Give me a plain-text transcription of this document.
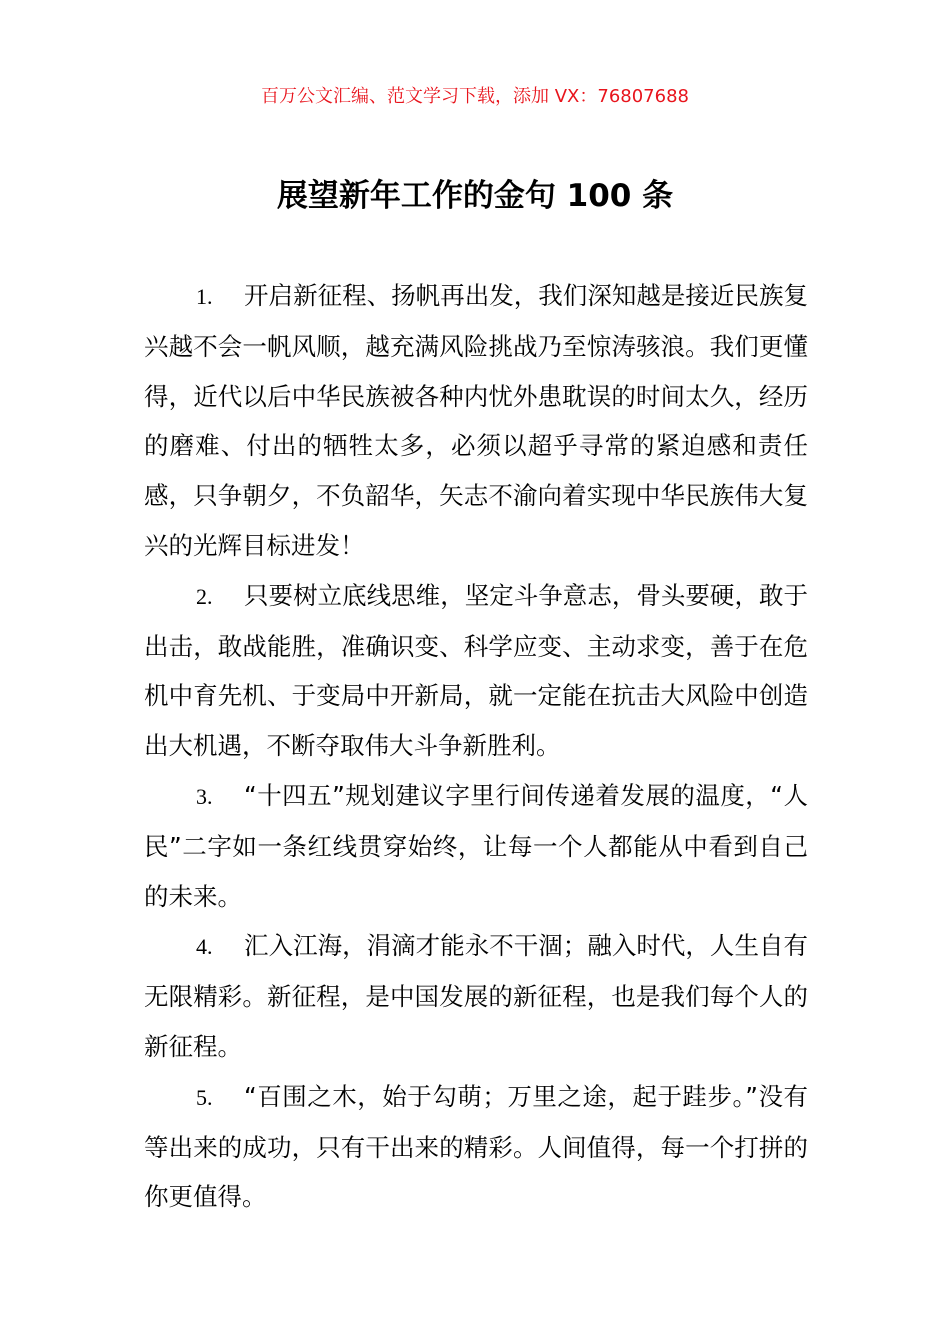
百万公文汇编、范文学习下载，添加 VX：76807688
展望新年工作的金句 100 条

1. 开启新征程、扬帆再出发，我们深知越是接近民族复兴越不会一帆风顺，越充满风险挑战乃至惊涛骇浪。我们更懂得，近代以后中华民族被各种内忧外患耽误的时间太久，经历的磨难、付出的牺牲太多，必须以超乎寻常的紧迫感和责任感，只争朝夕，不负韶华，矢志不渝向着实现中华民族伟大复兴的光辉目标进发！

2. 只要树立底线思维，坚定斗争意志，骨头要硬，敢于出击，敢战能胜，准确识变、科学应变、主动求变，善于在危机中育先机、于变局中开新局，就一定能在抗击大风险中创造出大机遇，不断夺取伟大斗争新胜利。

3. “十四五”规划建议字里行间传递着发展的温度，“人民”二字如一条红线贯穿始终，让每一个人都能从中看到自己的未来。

4. 汇入江海，涓滴才能永不干涸；融入时代，人生自有无限精彩。新征程，是中国发展的新征程，也是我们每个人的新征程。

5. “百围之木，始于勾萌；万里之途，起于跬步。”没有等出来的成功，只有干出来的精彩。人间值得，每一个打拼的你更值得。
